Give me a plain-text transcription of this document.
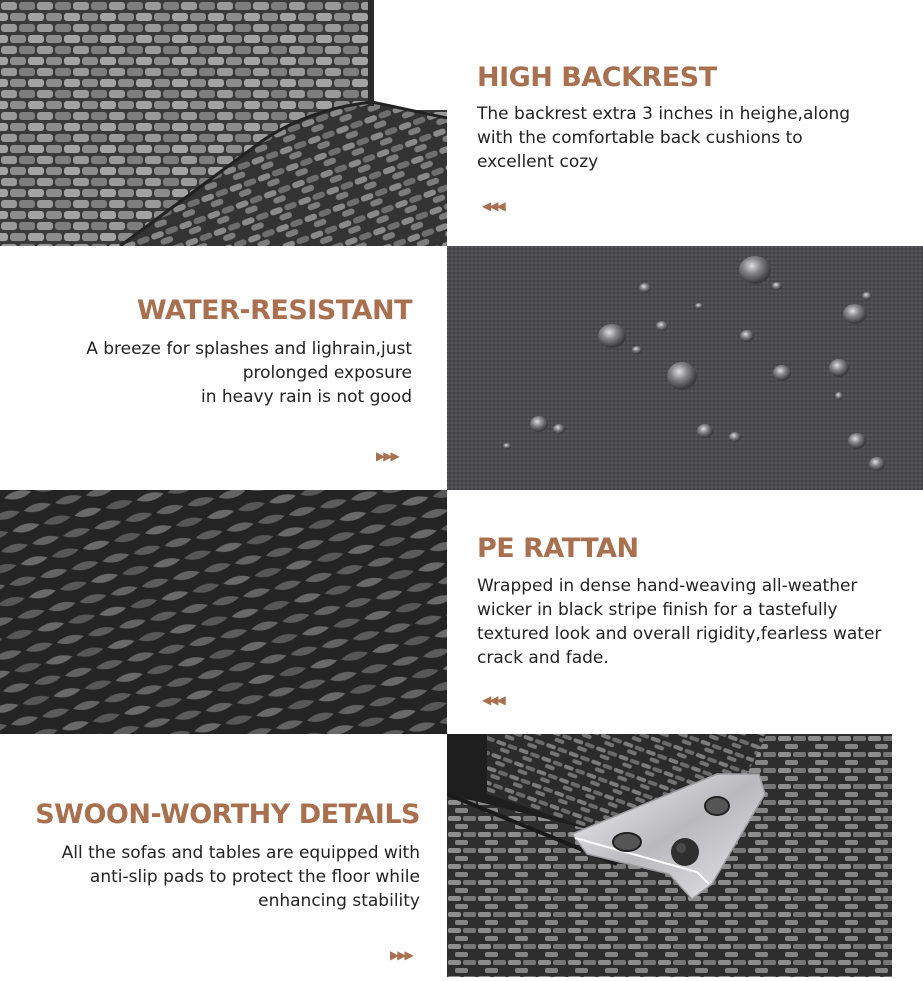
HIGH BACKREST
The backrest extra 3 inches in heighe,along
with the comfortable back cushions to
excellent cozy
◀◀◀
WATER-RESISTANT
A breeze for splashes and lighrain,just
prolonged exposure
in heavy rain is not good
▶▶▶
PE RATTAN
Wrapped in dense hand-weaving all-weather
wicker in black stripe finish for a tastefully
textured look and overall rigidity,fearless water
crack and fade.
◀◀◀
SWOON-WORTHY DETAILS
All the sofas and tables are equipped with
anti-slip pads to protect the floor while
enhancing stability
▶▶▶
